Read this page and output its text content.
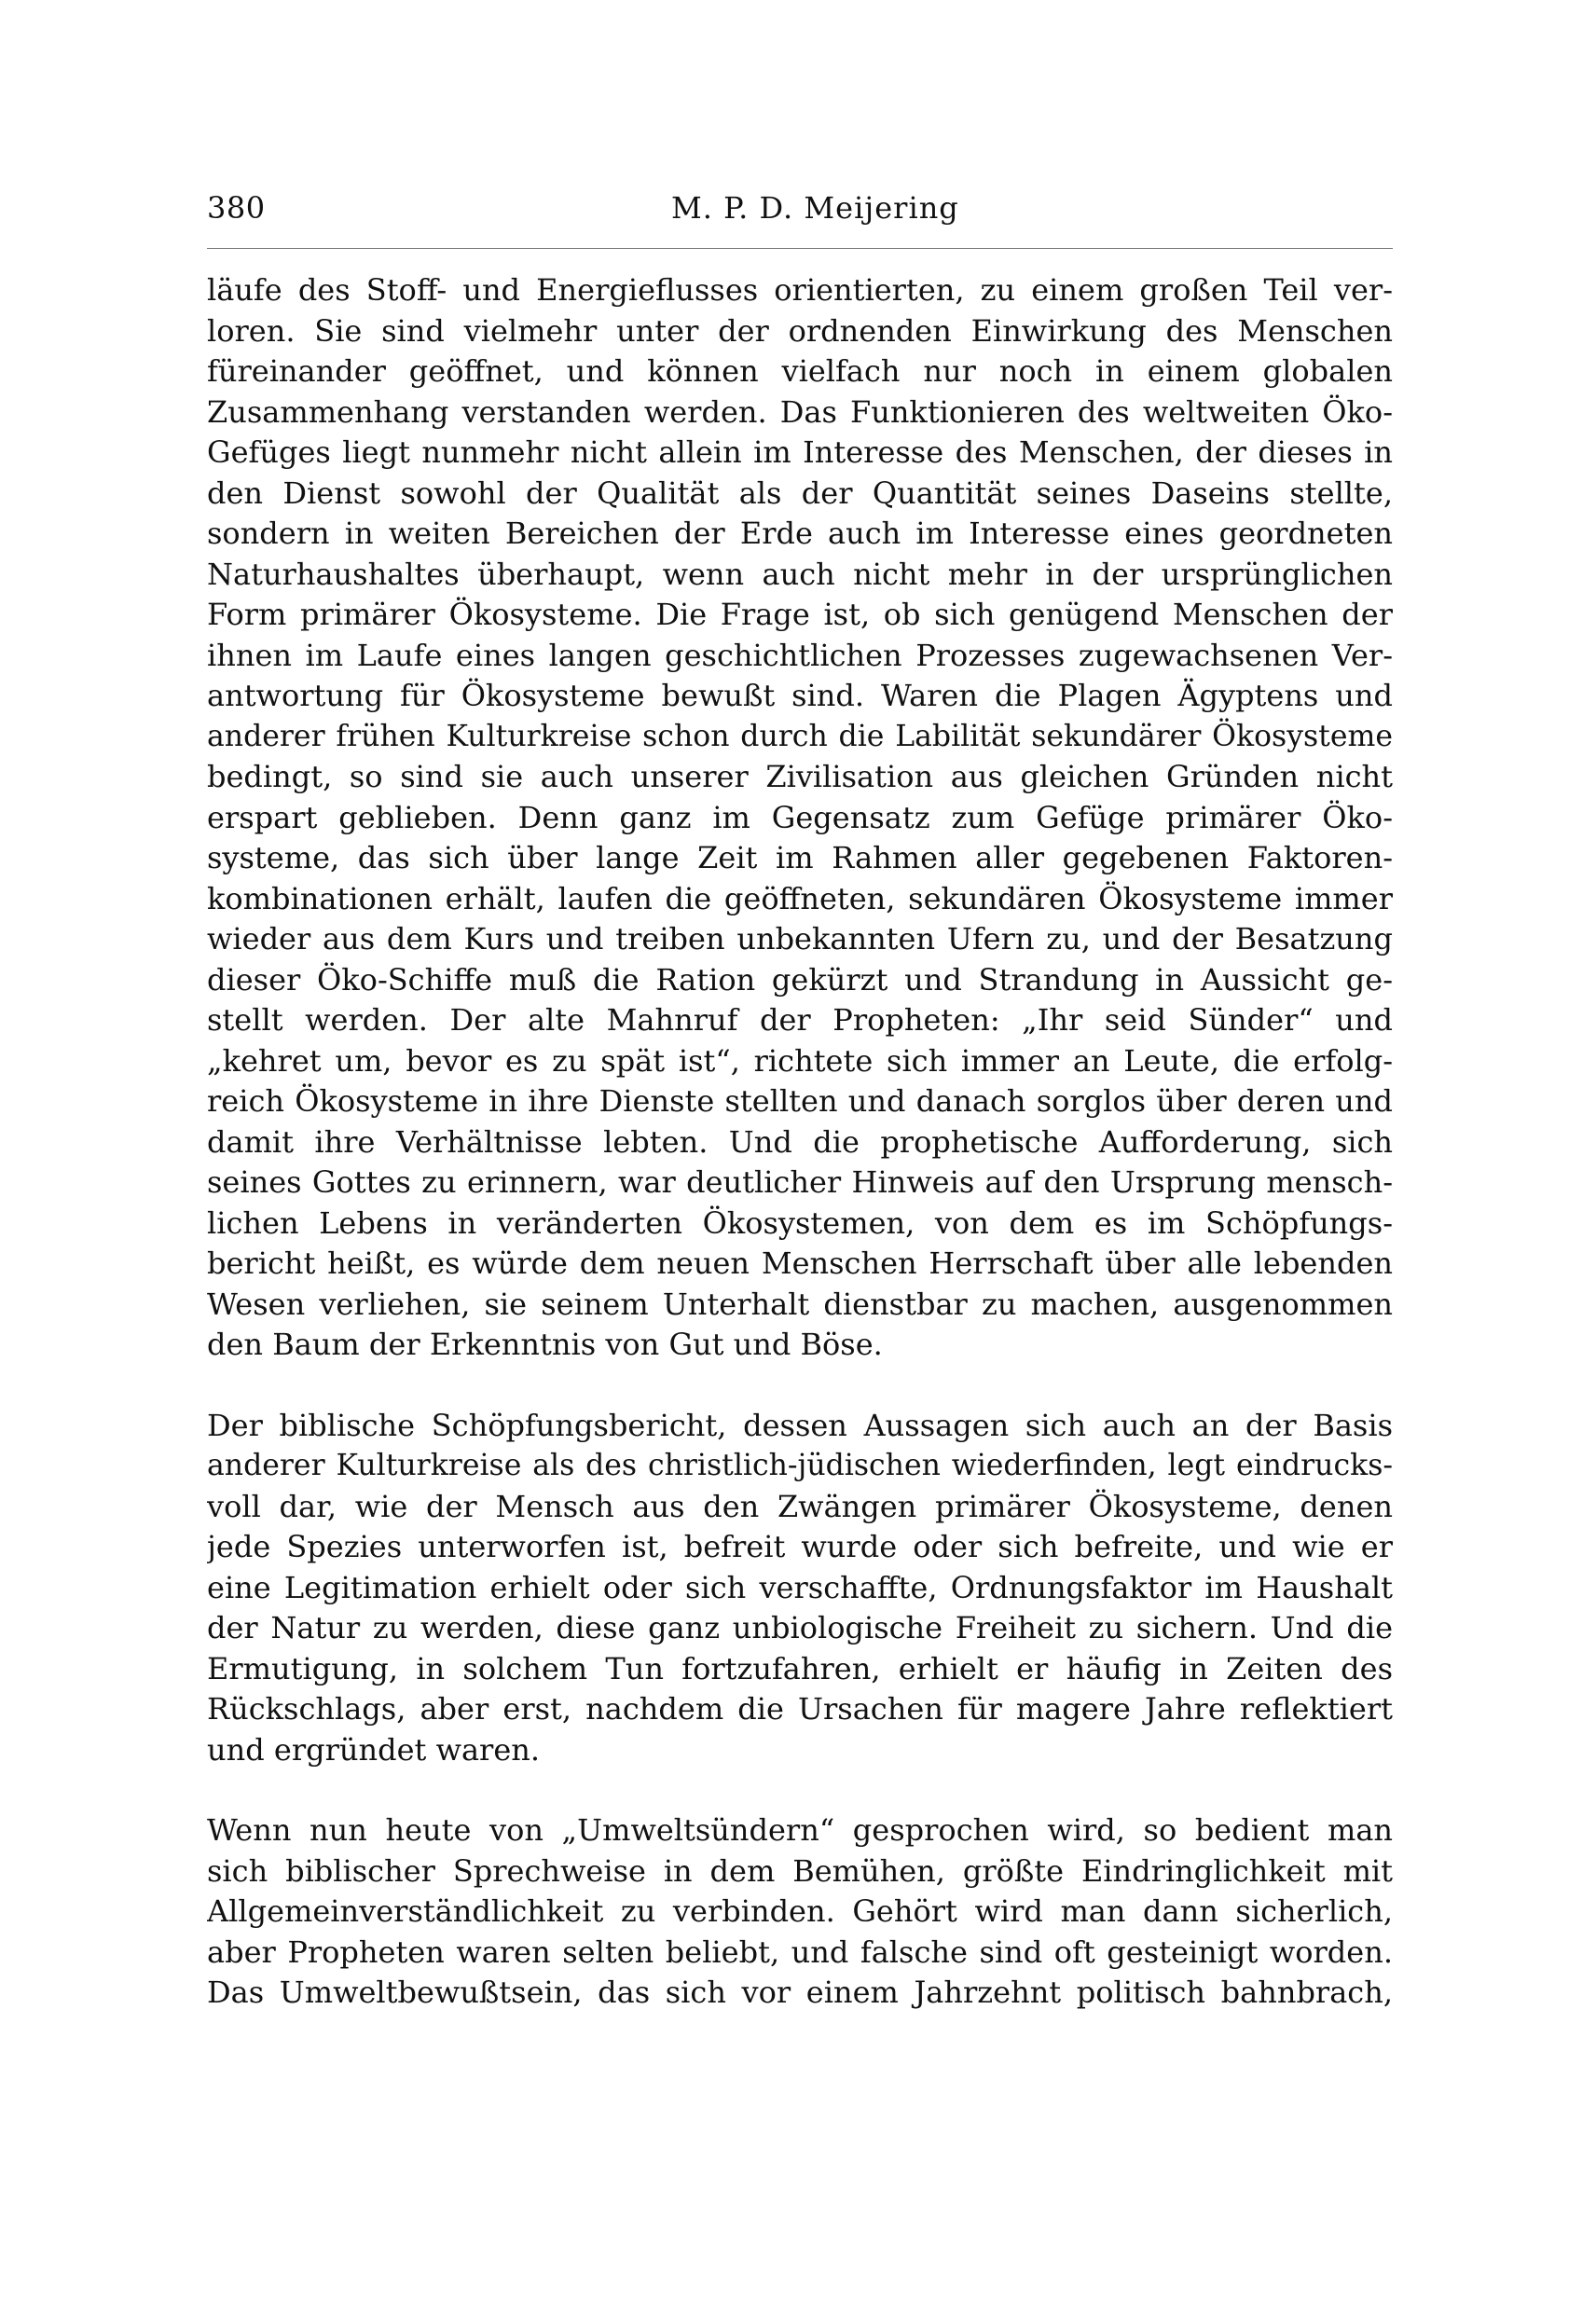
380	M. P. D. Meijering
läufe des Stoff- und Energieflusses orientierten, zu einem großen Teil ver-
loren. Sie sind vielmehr unter der ordnenden Einwirkung des Menschen
füreinander geöffnet, und können vielfach nur noch in einem globalen
Zusammenhang verstanden werden. Das Funktionieren des weltweiten Öko-
Gefüges liegt nunmehr nicht allein im Interesse des Menschen, der dieses in
den Dienst sowohl der Qualität als der Quantität seines Daseins stellte,
sondern in weiten Bereichen der Erde auch im Interesse eines geordneten
Naturhaushaltes überhaupt, wenn auch nicht mehr in der ursprünglichen
Form primärer Ökosysteme. Die Frage ist, ob sich genügend Menschen der
ihnen im Laufe eines langen geschichtlichen Prozesses zugewachsenen Ver-
antwortung für Ökosysteme bewußt sind. Waren die Plagen Ägyptens und
anderer frühen Kulturkreise schon durch die Labilität sekundärer Ökosysteme
bedingt, so sind sie auch unserer Zivilisation aus gleichen Gründen nicht
erspart geblieben. Denn ganz im Gegensatz zum Gefüge primärer Öko-
systeme, das sich über lange Zeit im Rahmen aller gegebenen Faktoren-
kombinationen erhält, laufen die geöffneten, sekundären Ökosysteme immer
wieder aus dem Kurs und treiben unbekannten Ufern zu, und der Besatzung
dieser Öko-Schiffe muß die Ration gekürzt und Strandung in Aussicht ge-
stellt werden. Der alte Mahnruf der Propheten: „Ihr seid Sünder“ und
„kehret um, bevor es zu spät ist“, richtete sich immer an Leute, die erfolg-
reich Ökosysteme in ihre Dienste stellten und danach sorglos über deren und
damit ihre Verhältnisse lebten. Und die prophetische Aufforderung, sich
seines Gottes zu erinnern, war deutlicher Hinweis auf den Ursprung mensch-
lichen Lebens in veränderten Ökosystemen, von dem es im Schöpfungs-
bericht heißt, es würde dem neuen Menschen Herrschaft über alle lebenden
Wesen verliehen, sie seinem Unterhalt dienstbar zu machen, ausgenommen
den Baum der Erkenntnis von Gut und Böse.
Der biblische Schöpfungsbericht, dessen Aussagen sich auch an der Basis
anderer Kulturkreise als des christlich-jüdischen wiederfinden, legt eindrucks-
voll dar, wie der Mensch aus den Zwängen primärer Ökosysteme, denen
jede Spezies unterworfen ist, befreit wurde oder sich befreite, und wie er
eine Legitimation erhielt oder sich verschaffte, Ordnungsfaktor im Haushalt
der Natur zu werden, diese ganz unbiologische Freiheit zu sichern. Und die
Ermutigung, in solchem Tun fortzufahren, erhielt er häufig in Zeiten des
Rückschlags, aber erst, nachdem die Ursachen für magere Jahre reflektiert
und ergründet waren.
Wenn nun heute von „Umweltsündern“ gesprochen wird, so bedient man
sich biblischer Sprechweise in dem Bemühen, größte Eindringlichkeit mit
Allgemeinverständlichkeit zu verbinden. Gehört wird man dann sicherlich,
aber Propheten waren selten beliebt, und falsche sind oft gesteinigt worden.
Das Umweltbewußtsein, das sich vor einem Jahrzehnt politisch bahnbrach,
